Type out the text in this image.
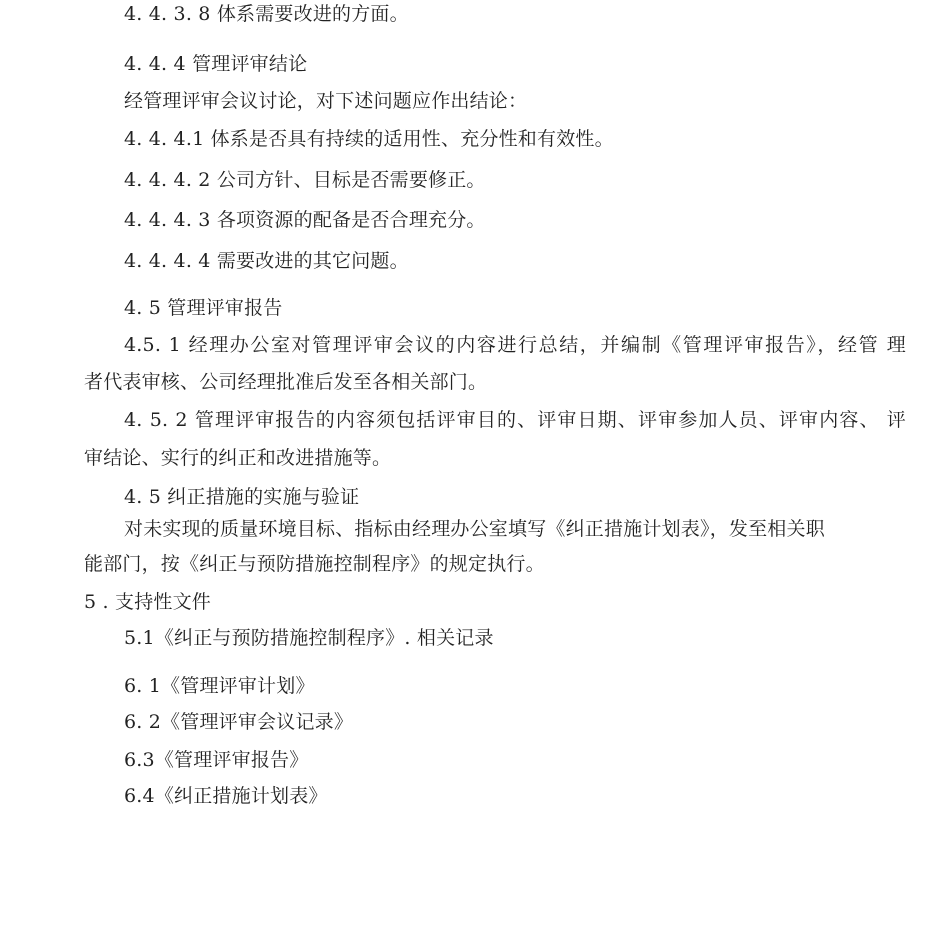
4. 4. 3. 8 体系需要改进的方面。
4. 4. 4 管理评审结论
经管理评审会议讨论，对下述问题应作出结论：
4. 4. 4.1 体系是否具有持续的适用性、充分性和有效性。
4. 4. 4. 2 公司方针、目标是否需要修正。
4. 4. 4. 3 各项资源的配备是否合理充分。
4. 4. 4. 4 需要改进的其它问题。
4. 5 管理评审报告
4.5. 1 经理办公室对管理评审会议的内容进行总结，并编制《管理评审报告》，经管 理
者代表审核、公司经理批准后发至各相关部门。
4. 5. 2 管理评审报告的内容须包括评审目的、评审日期、评审参加人员、评审内容、 评
审结论、实行的纠正和改进措施等。
4. 5 纠正措施的实施与验证
对未实现的质量环境目标、指标由经理办公室填写《纠正措施计划表》，发至相关职
能部门，按《纠正与预防措施控制程序》的规定执行。
5 . 支持性文件
5.1《纠正与预防措施控制程序》. 相关记录
6. 1《管理评审计划》
6. 2《管理评审会议记录》
6.3《管理评审报告》
6.4《纠正措施计划表》
